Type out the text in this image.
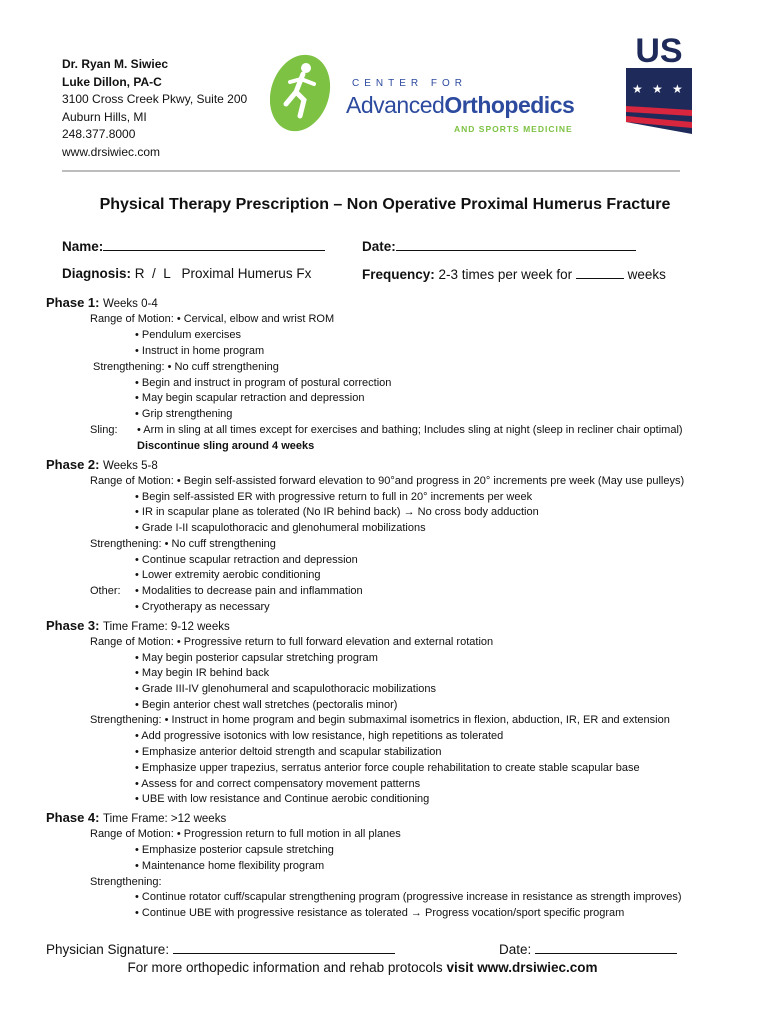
Dr. Ryan M. Siwiec
Luke Dillon, PA-C
3100 Cross Creek Pkwy, Suite 200
Auburn Hills, MI
248.377.8000
www.drsiwiec.com
CENTER FOR
AdvancedOrthopedics
AND SPORTS MEDICINE
★ ★ ★
US
Physical Therapy Prescription – Non Operative Proximal Humerus Fracture
Name:	Date:
Diagnosis: R  /  L   Proximal Humerus Fx	Frequency: 2-3 times per week for	weeks
Phase 1: Weeks 0-4
Phase 2: Weeks 5-8
Phase 3: Time Frame: 9-12 weeks
Phase 4: Time Frame: >12 weeks
Range of Motion: • Cervical, elbow and wrist ROM
• Pendulum exercises
• Instruct in home program
Strengthening: • No cuff strengthening
• Begin and instruct in program of postural correction
• May begin scapular retraction and depression
• Grip strengthening
Sling: • Arm in sling at all times except for exercises and bathing; Includes sling at night (sleep in recliner chair optimal)
Discontinue sling around 4 weeks
Range of Motion: • Begin self-assisted forward elevation to 90°and progress in 20° increments pre week (May use pulleys)
• Begin self-assisted ER with progressive return to full in 20° increments per week
• IR in scapular plane as tolerated (No IR behind back) → No cross body adduction
• Grade I-II scapulothoracic and glenohumeral mobilizations
Strengthening: • No cuff strengthening
• Continue scapular retraction and depression
• Lower extremity aerobic conditioning
Other: • Modalities to decrease pain and inflammation
• Cryotherapy as necessary
Range of Motion: • Progressive return to full forward elevation and external rotation
• May begin posterior capsular stretching program
• May begin IR behind back
• Grade III-IV glenohumeral and scapulothoracic mobilizations
• Begin anterior chest wall stretches (pectoralis minor)
Strengthening: • Instruct in home program and begin submaximal isometrics in flexion, abduction, IR, ER and extension
• Add progressive isotonics with low resistance, high repetitions as tolerated
• Emphasize anterior deltoid strength and scapular stabilization
• Emphasize upper trapezius, serratus anterior force couple rehabilitation to create stable scapular base
• Assess for and correct compensatory movement patterns
• UBE with low resistance and Continue aerobic conditioning
Range of Motion: • Progression return to full motion in all planes
• Emphasize posterior capsule stretching
• Maintenance home flexibility program
Strengthening:
• Continue rotator cuff/scapular strengthening program (progressive increase in resistance as strength improves)
• Continue UBE with progressive resistance as tolerated → Progress vocation/sport specific program
Physician Signature:	Date:
For more orthopedic information and rehab protocols visit www.drsiwiec.com
